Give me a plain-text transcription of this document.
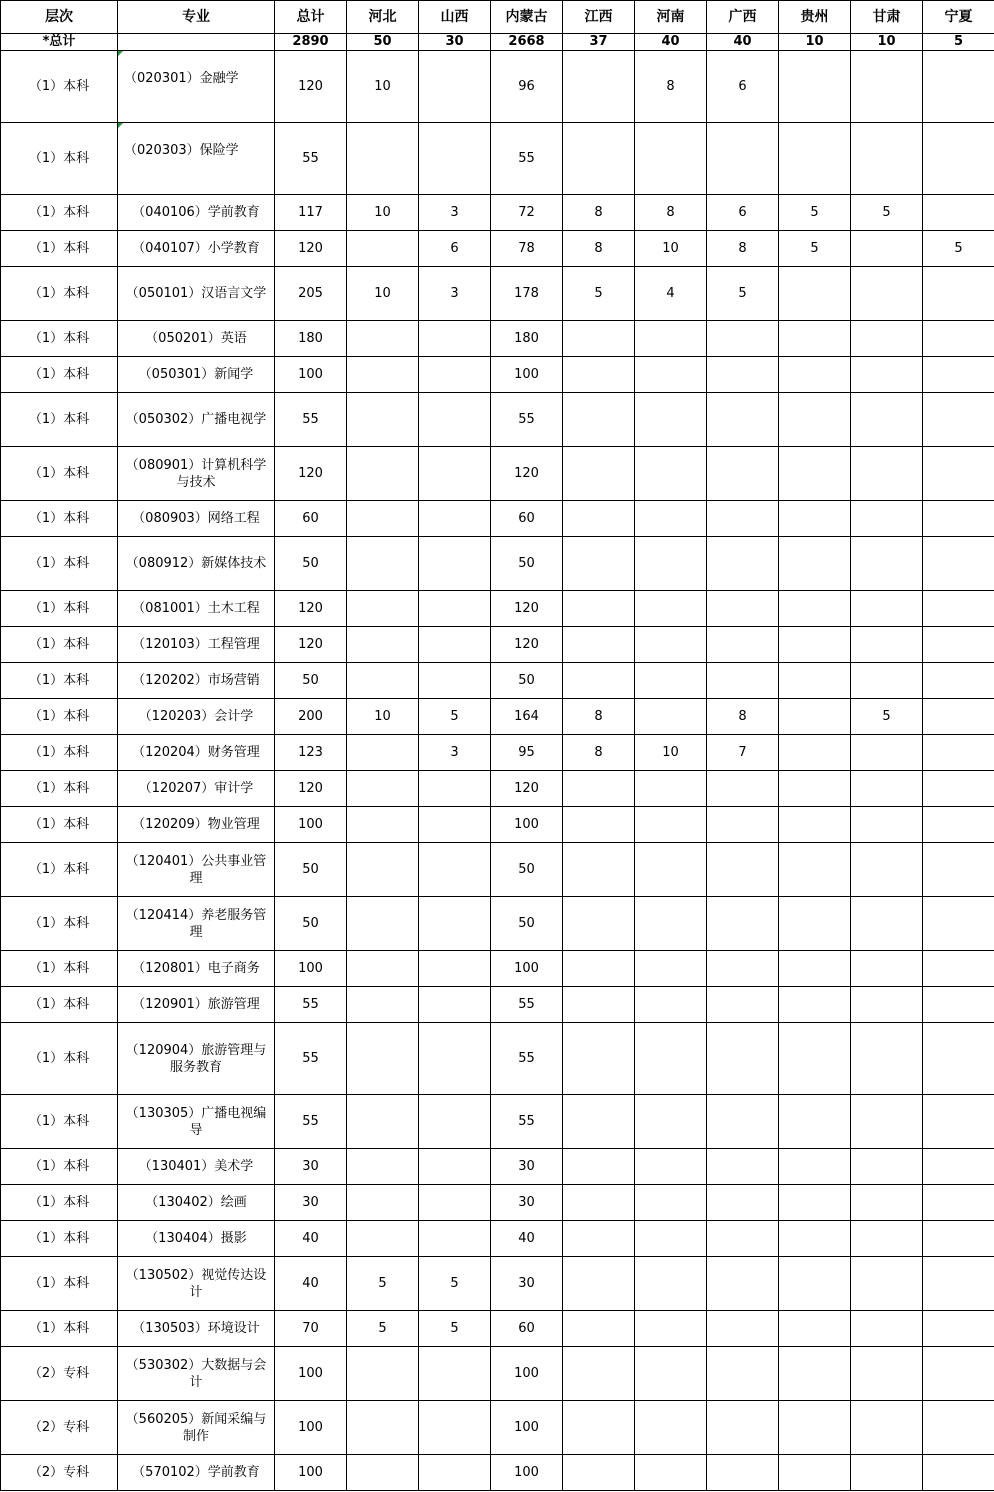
层次	专业	总计	河北	山西	内蒙古	江西	河南	广西	贵州	甘肃	宁夏
*总计		2890	50	30	2668	37	40	40	10	10	5
（1）本科	（020301）金融学	120	10		96		8	6			
（1）本科	（020303）保险学	55			55						
（1）本科	（040106）学前教育	117	10	3	72	8	8	6	5	5	
（1）本科	（040107）小学教育	120		6	78	8	10	8	5		5
（1）本科	（050101）汉语言文学	205	10	3	178	5	4	5			
（1）本科	（050201）英语	180			180						
（1）本科	（050301）新闻学	100			100						
（1）本科	（050302）广播电视学	55			55						
（1）本科	（080901）计算机科学与技术	120			120						
（1）本科	（080903）网络工程	60			60						
（1）本科	（080912）新媒体技术	50			50						
（1）本科	（081001）土木工程	120			120						
（1）本科	（120103）工程管理	120			120						
（1）本科	（120202）市场营销	50			50						
（1）本科	（120203）会计学	200	10	5	164	8		8		5	
（1）本科	（120204）财务管理	123		3	95	8	10	7			
（1）本科	（120207）审计学	120			120						
（1）本科	（120209）物业管理	100			100						
（1）本科	（120401）公共事业管理	50			50						
（1）本科	（120414）养老服务管理	50			50						
（1）本科	（120801）电子商务	100			100						
（1）本科	（120901）旅游管理	55			55						
（1）本科	（120904）旅游管理与服务教育	55			55						
（1）本科	（130305）广播电视编导	55			55						
（1）本科	（130401）美术学	30			30						
（1）本科	（130402）绘画	30			30						
（1）本科	（130404）摄影	40			40						
（1）本科	（130502）视觉传达设计	40	5	5	30						
（1）本科	（130503）环境设计	70	5	5	60						
（2）专科	（530302）大数据与会计	100			100						
（2）专科	（560205）新闻采编与制作	100			100						
（2）专科	（570102）学前教育	100			100						
